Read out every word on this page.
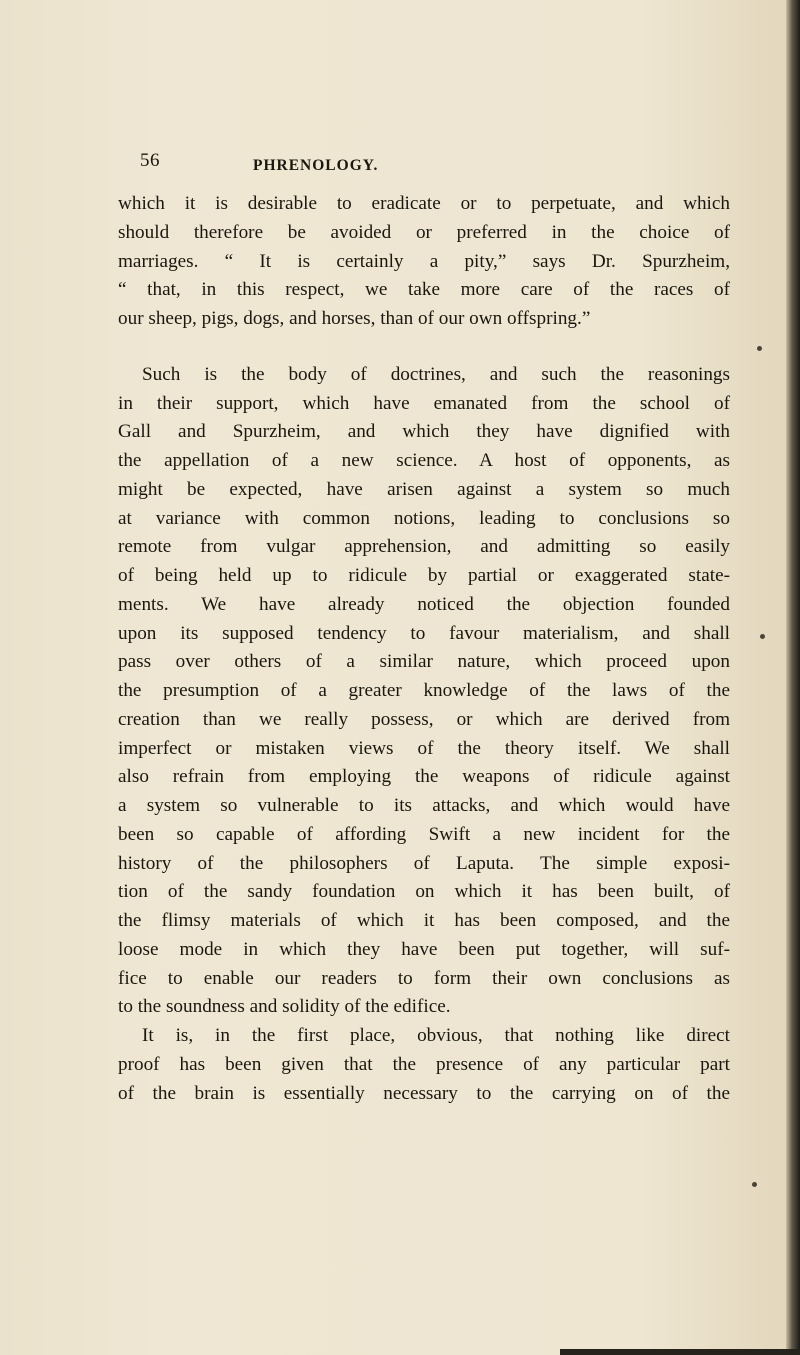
56	PHRENOLOGY.
which it is desirable to eradicate or to perpetuate, and which
should therefore be avoided or preferred in the choice of
marriages. “ It is certainly a pity,” says Dr. Spurzheim,
“ that, in this respect, we take more care of the races of
our sheep, pigs, dogs, and horses, than of our own offspring.”
Such is the body of doctrines, and such the reasonings
in their support, which have emanated from the school of
Gall and Spurzheim, and which they have dignified with
the appellation of a new science. A host of opponents, as
might be expected, have arisen against a system so much
at variance with common notions, leading to conclusions so
remote from vulgar apprehension, and admitting so easily
of being held up to ridicule by partial or exaggerated state-
ments. We have already noticed the objection founded
upon its supposed tendency to favour materialism, and shall
pass over others of a similar nature, which proceed upon
the presumption of a greater knowledge of the laws of the
creation than we really possess, or which are derived from
imperfect or mistaken views of the theory itself. We shall
also refrain from employing the weapons of ridicule against
a system so vulnerable to its attacks, and which would have
been so capable of affording Swift a new incident for the
history of the philosophers of Laputa. The simple exposi-
tion of the sandy foundation on which it has been built, of
the flimsy materials of which it has been composed, and the
loose mode in which they have been put together, will suf-
fice to enable our readers to form their own conclusions as
to the soundness and solidity of the edifice.
It is, in the first place, obvious, that nothing like direct
proof has been given that the presence of any particular part
of the brain is essentially necessary to the carrying on of the
